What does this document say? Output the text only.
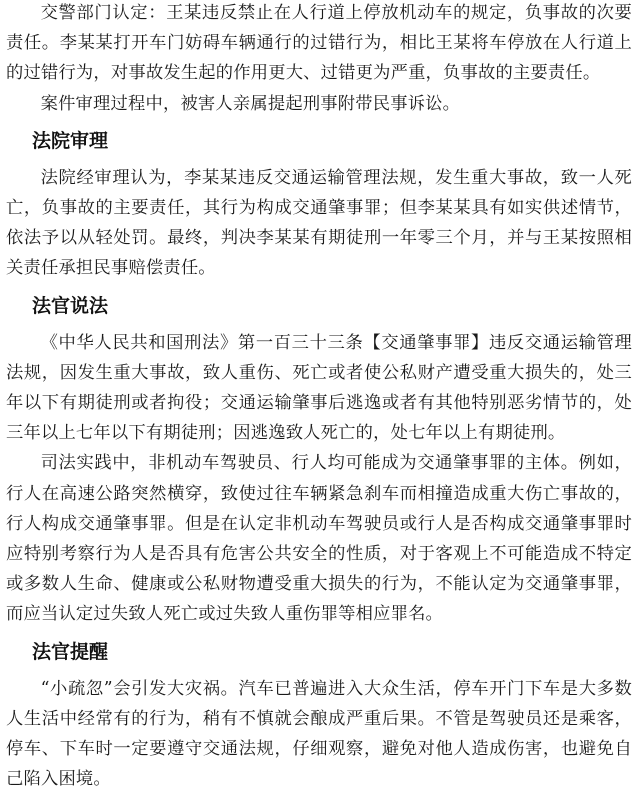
交警部门认定：王某违反禁止在人行道上停放机动车的规定，负事故的次要责任。李某某打开车门妨碍车辆通行的过错行为，相比王某将车停放在人行道上的过错行为，对事故发生起的作用更大、过错更为严重，负事故的主要责任。

案件审理过程中，被害人亲属提起刑事附带民事诉讼。

法院审理

法院经审理认为，李某某违反交通运输管理法规，发生重大事故，致一人死亡，负事故的主要责任，其行为构成交通肇事罪；但李某某具有如实供述情节，依法予以从轻处罚。最终，判决李某某有期徒刑一年零三个月，并与王某按照相关责任承担民事赔偿责任。

法官说法

《中华人民共和国刑法》第一百三十三条【交通肇事罪】违反交通运输管理法规，因发生重大事故，致人重伤、死亡或者使公私财产遭受重大损失的，处三年以下有期徒刑或者拘役；交通运输肇事后逃逸或者有其他特别恶劣情节的，处三年以上七年以下有期徒刑；因逃逸致人死亡的，处七年以上有期徒刑。

司法实践中，非机动车驾驶员、行人均可能成为交通肇事罪的主体。例如，行人在高速公路突然横穿，致使过往车辆紧急刹车而相撞造成重大伤亡事故的，行人构成交通肇事罪。但是在认定非机动车驾驶员或行人是否构成交通肇事罪时应特别考察行为人是否具有危害公共安全的性质，对于客观上不可能造成不特定或多数人生命、健康或公私财物遭受重大损失的行为，不能认定为交通肇事罪，而应当认定过失致人死亡或过失致人重伤罪等相应罪名。

法官提醒

“小疏忽”会引发大灾祸。汽车已普遍进入大众生活，停车开门下车是大多数人生活中经常有的行为，稍有不慎就会酿成严重后果。不管是驾驶员还是乘客，停车、下车时一定要遵守交通法规，仔细观察，避免对他人造成伤害，也避免自己陷入困境。
